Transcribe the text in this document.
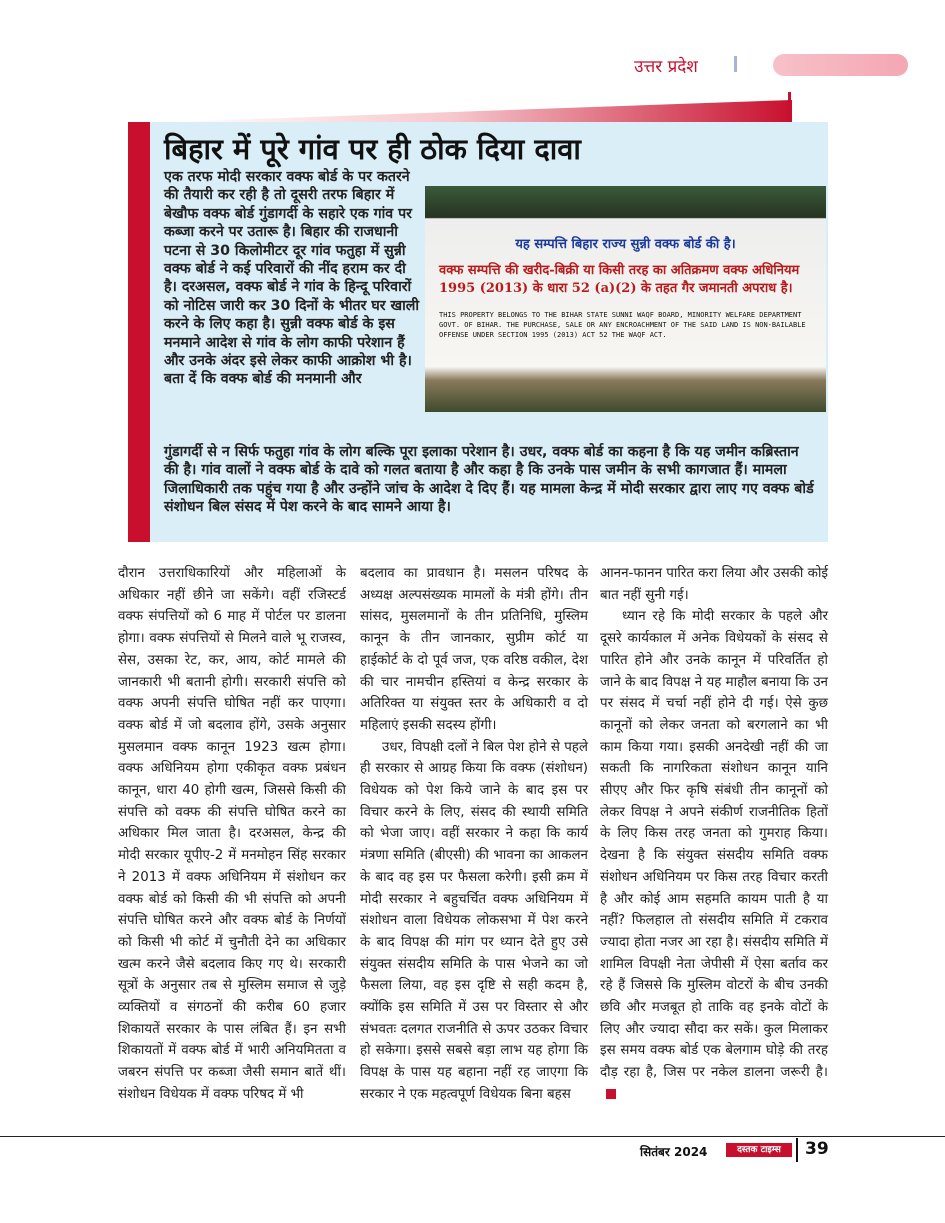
उत्तर प्रदेश
बिहार में पूरे गांव पर ही ठोक दिया दावा
एक तरफ मोदी सरकार वक्फ बोर्ड के पर कतरने की तैयारी कर रही है तो दूसरी तरफ बिहार में बेखौफ वक्फ बोर्ड गुंडागर्दी के सहारे एक गांव पर कब्जा करने पर उतारू है। बिहार की राजधानी पटना से 30 किलोमीटर दूर गांव फतुहा में सुन्नी वक्फ बोर्ड ने कई परिवारों की नींद हराम कर दी है। दरअसल, वक्फ बोर्ड ने गांव के हिन्दू परिवारों को नोटिस जारी कर 30 दिनों के भीतर घर खाली करने के लिए कहा है। सुन्नी वक्फ बोर्ड के इस मनमाने आदेश से गांव के लोग काफी परेशान हैं और उनके अंदर इसे लेकर काफी आक्रोश भी है। बता दें कि वक्फ बोर्ड की मनमानी और
यह सम्पत्ति बिहार राज्य सुन्नी वक्फ बोर्ड की है।
वक्फ सम्पत्ति की खरीद-बिक्री या किसी तरह का अतिक्रमण वक्फ अधिनियम 1995 (2013) के धारा 52 (a)(2) के तहत गैर जमानती अपराध है।
THIS PROPERTY BELONGS TO THE BIHAR STATE SUNNI WAQF BOARD, MINORITY WELFARE DEPARTMENT GOVT. OF BIHAR. THE PURCHASE, SALE OR ANY ENCROACHMENT OF THE SAID LAND IS NON-BAILABLE OFFENSE UNDER SECTION 1995 (2013) ACT 52 THE WAQF ACT.
गुंडागर्दी से न सिर्फ फतुहा गांव के लोग बल्कि पूरा इलाका परेशान है। उधर, वक्फ बोर्ड का कहना है कि यह जमीन कब्रिस्तान की है। गांव वालों ने वक्फ बोर्ड के दावे को गलत बताया है और कहा है कि उनके पास जमीन के सभी कागजात हैं। मामला जिलाधिकारी तक पहुंच गया है और उन्होंने जांच के आदेश दे दिए हैं। यह मामला केन्द्र में मोदी सरकार द्वारा लाए गए वक्फ बोर्ड संशोधन बिल संसद में पेश करने के बाद सामने आया है।

दौरान उत्तराधिकारियों और महिलाओं के अधिकार नहीं छीने जा सकेंगे। वहीं रजिस्टर्ड वक्फ संपत्तियों को 6 माह में पोर्टल पर डालना होगा। वक्फ संपत्तियों से मिलने वाले भू राजस्व, सेस, उसका रेट, कर, आय, कोर्ट मामले की जानकारी भी बतानी होगी। सरकारी संपत्ति को वक्फ अपनी संपत्ति घोषित नहीं कर पाएगा। वक्फ बोर्ड में जो बदलाव होंगे, उसके अनुसार मुसलमान वक्फ कानून 1923 खत्म होगा। वक्फ अधिनियम होगा एकीकृत वक्फ प्रबंधन कानून, धारा 40 होगी खत्म, जिससे किसी की संपत्ति को वक्फ की संपत्ति घोषित करने का अधिकार मिल जाता है। दरअसल, केन्द्र की मोदी सरकार यूपीए-2 में मनमोहन सिंह सरकार ने 2013 में वक्फ अधिनियम में संशोधन कर वक्फ बोर्ड को किसी की भी संपत्ति को अपनी संपत्ति घोषित करने और वक्फ बोर्ड के निर्णयों को किसी भी कोर्ट में चुनौती देने का अधिकार खत्म करने जैसे बदलाव किए गए थे। सरकारी सूत्रों के अनुसार तब से मुस्लिम समाज से जुड़े व्यक्तियों व संगठनों की करीब 60 हजार शिकायतें सरकार के पास लंबित हैं। इन सभी शिकायतों में वक्फ बोर्ड में भारी अनियमितता व जबरन संपत्ति पर कब्जा जैसी समान बातें थीं। संशोधन विधेयक में वक्फ परिषद में भी

बदलाव का प्रावधान है। मसलन परिषद के अध्यक्ष अल्पसंख्यक मामलों के मंत्री होंगे। तीन सांसद, मुसलमानों के तीन प्रतिनिधि, मुस्लिम कानून के तीन जानकार, सुप्रीम कोर्ट या हाईकोर्ट के दो पूर्व जज, एक वरिष्ठ वकील, देश की चार नामचीन हस्तियां व केन्द्र सरकार के अतिरिक्त या संयुक्त स्तर के अधिकारी व दो महिलाएं इसकी सदस्य होंगी।

उधर, विपक्षी दलों ने बिल पेश होने से पहले ही सरकार से आग्रह किया कि वक्फ (संशोधन) विधेयक को पेश किये जाने के बाद इस पर विचार करने के लिए, संसद की स्थायी समिति को भेजा जाए। वहीं सरकार ने कहा कि कार्य मंत्रणा समिति (बीएसी) की भावना का आकलन के बाद वह इस पर फैसला करेगी। इसी क्रम में मोदी सरकार ने बहुचर्चित वक्फ अधिनियम में संशोधन वाला विधेयक लोकसभा में पेश करने के बाद विपक्ष की मांग पर ध्यान देते हुए उसे संयुक्त संसदीय समिति के पास भेजने का जो फैसला लिया, वह इस दृष्टि से सही कदम है, क्योंकि इस समिति में उस पर विस्तार से और संभवतः दलगत राजनीति से ऊपर उठकर विचार हो सकेगा। इससे सबसे बड़ा लाभ यह होगा कि विपक्ष के पास यह बहाना नहीं रह जाएगा कि सरकार ने एक महत्वपूर्ण विधेयक बिना बहस

आनन-फानन पारित करा लिया और उसकी कोई बात नहीं सुनी गई।

ध्यान रहे कि मोदी सरकार के पहले और दूसरे कार्यकाल में अनेक विधेयकों के संसद से पारित होने और उनके कानून में परिवर्तित हो जाने के बाद विपक्ष ने यह माहौल बनाया कि उन पर संसद में चर्चा नहीं होने दी गई। ऐसे कुछ कानूनों को लेकर जनता को बरगलाने का भी काम किया गया। इसकी अनदेखी नहीं की जा सकती कि नागरिकता संशोधन कानून यानि सीएए और फिर कृषि संबंधी तीन कानूनों को लेकर विपक्ष ने अपने संकीर्ण राजनीतिक हितों के लिए किस तरह जनता को गुमराह किया। देखना है कि संयुक्त संसदीय समिति वक्फ संशोधन अधिनियम पर किस तरह विचार करती है और कोई आम सहमति कायम पाती है या नहीं? फिलहाल तो संसदीय समिति में टकराव ज्यादा होता नजर आ रहा है। संसदीय समिति में शामिल विपक्षी नेता जेपीसी में ऐसा बर्ताव कर रहे हैं जिससे कि मुस्लिम वोटरों के बीच उनकी छवि और मजबूत हो ताकि वह इनके वोटों के लिए और ज्यादा सौदा कर सकें। कुल मिलाकर इस समय वक्फ बोर्ड एक बेलगाम घोड़े की तरह दौड़ रहा है, जिस पर नकेल डालना जरूरी है।

सितंबर 2024	दस्तक टाइम्स	39
